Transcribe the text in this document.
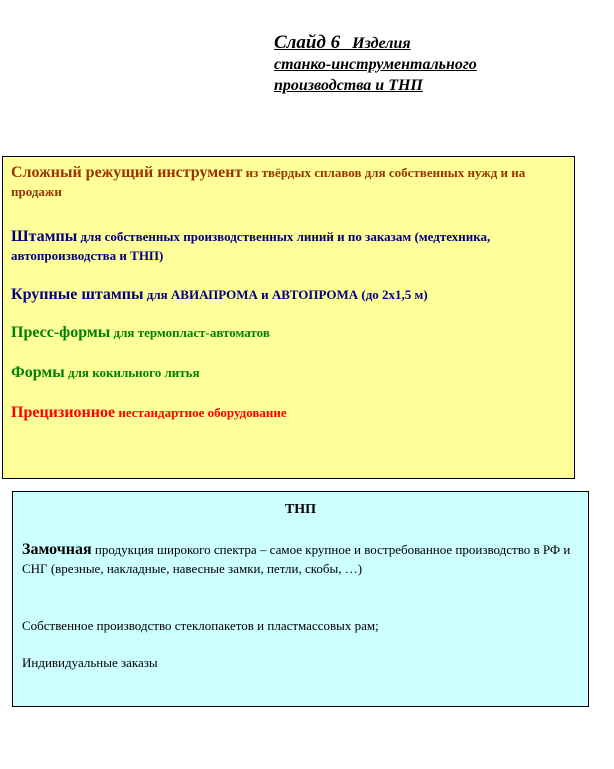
Слайд 6 Изделия
станко-инструментального
производства и ТНП
Сложный режущий инструмент из твёрдых сплавов для собственных нужд и на продажи
Штампы для собственных производственных линий и по заказам (медтехника, автопроизводства и ТНП)
Крупные штампы для АВИАПРОМА и АВТОПРОМА (до 2х1,5 м)
Пресс-формы для термопласт-автоматов
Формы для кокильного литья
Прецизионное нестандартное оборудование
ТНП
Замочная продукция широкого спектра – самое крупное и востребованное производство в РФ и СНГ (врезные, накладные, навесные замки, петли, скобы, …)
Собственное производство стеклопакетов и пластмассовых рам;
Индивидуальные заказы
